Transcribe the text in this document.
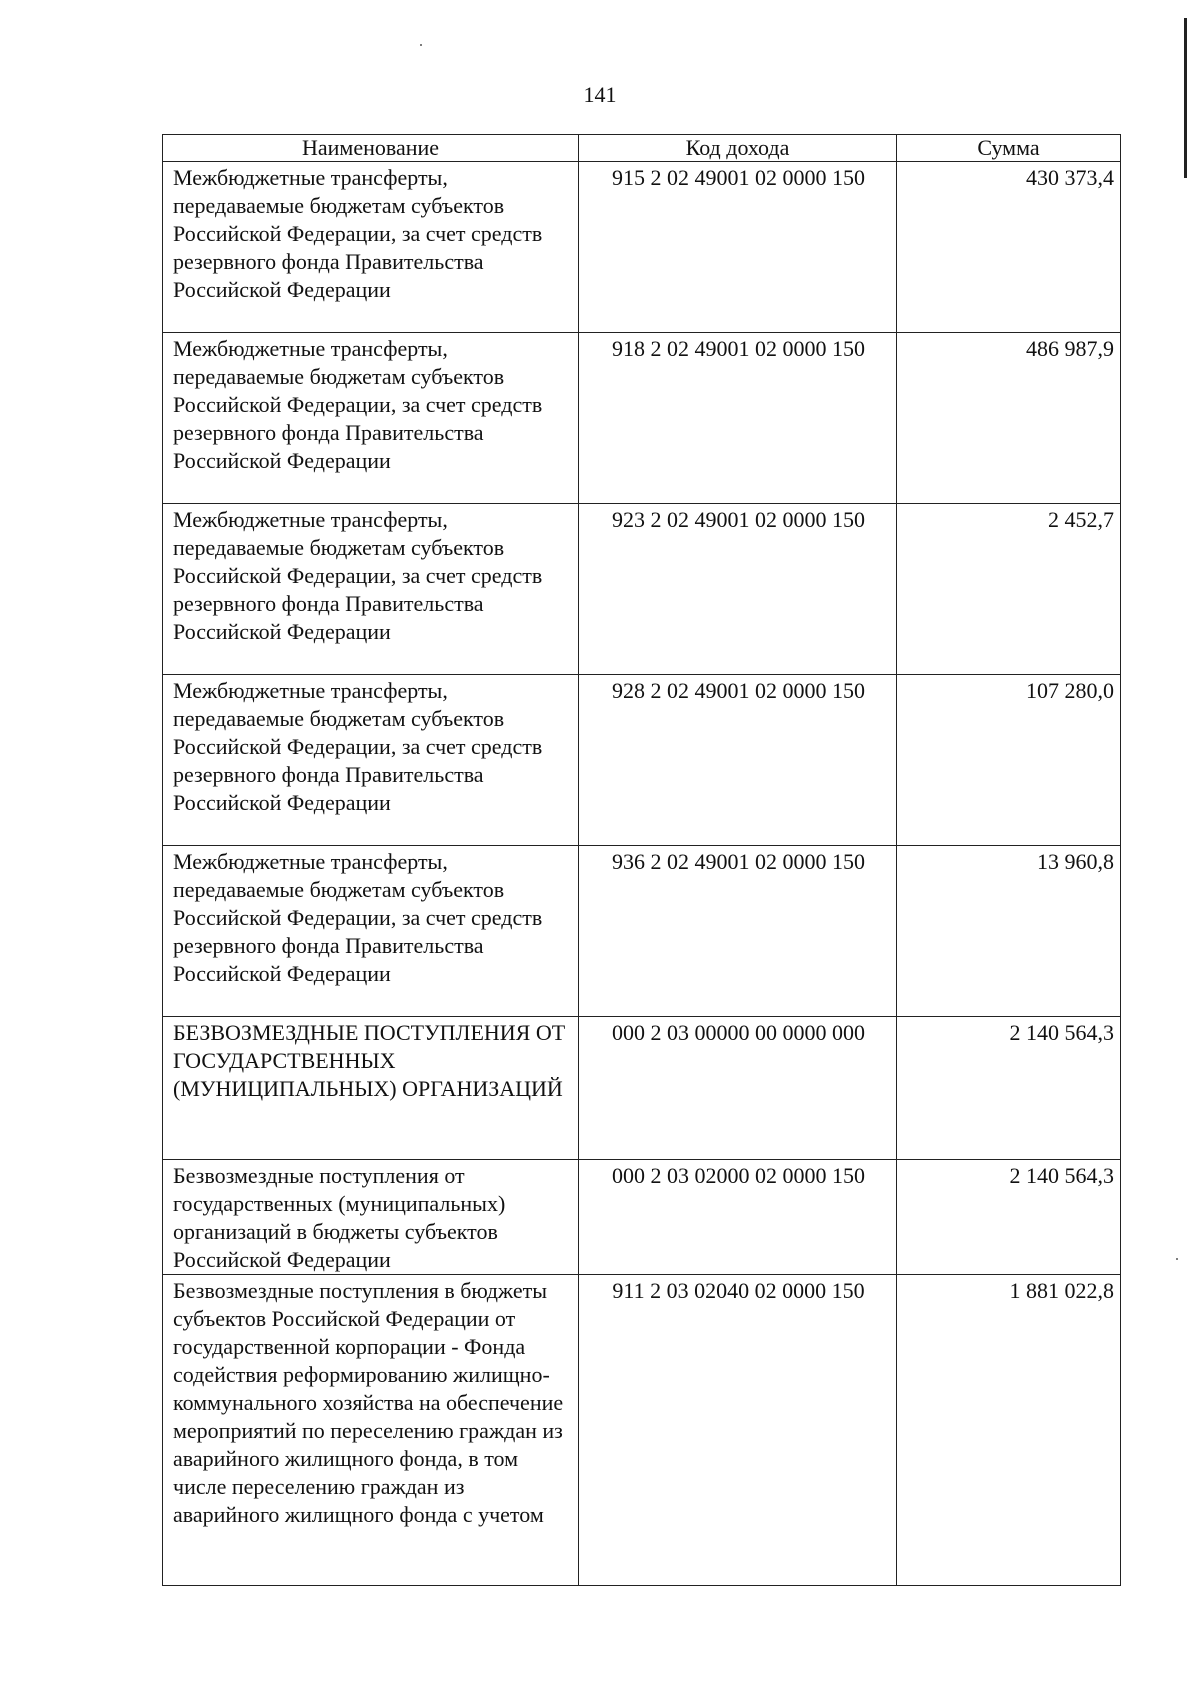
141
Наименование	Код дохода	Сумма
Межбюджетные трансферты, передаваемые бюджетам субъектов Российской Федерации, за счет средств резервного фонда Правительства Российской Федерации	915 2 02 49001 02 0000 150	430 373,4
Межбюджетные трансферты, передаваемые бюджетам субъектов Российской Федерации, за счет средств резервного фонда Правительства Российской Федерации	918 2 02 49001 02 0000 150	486 987,9
Межбюджетные трансферты, передаваемые бюджетам субъектов Российской Федерации, за счет средств резервного фонда Правительства Российской Федерации	923 2 02 49001 02 0000 150	2 452,7
Межбюджетные трансферты, передаваемые бюджетам субъектов Российской Федерации, за счет средств резервного фонда Правительства Российской Федерации	928 2 02 49001 02 0000 150	107 280,0
Межбюджетные трансферты, передаваемые бюджетам субъектов Российской Федерации, за счет средств резервного фонда Правительства Российской Федерации	936 2 02 49001 02 0000 150	13 960,8
БЕЗВОЗМЕЗДНЫЕ ПОСТУПЛЕНИЯ ОТ ГОСУДАРСТВЕННЫХ (МУНИЦИПАЛЬНЫХ) ОРГАНИЗАЦИЙ	000 2 03 00000 00 0000 000	2 140 564,3
Безвозмездные поступления от государственных (муниципальных) организаций в бюджеты субъектов Российской Федерации	000 2 03 02000 02 0000 150	2 140 564,3
Безвозмездные поступления в бюджеты субъектов Российской Федерации от государственной корпорации - Фонда содействия реформированию жилищно-коммунального хозяйства на обеспечение мероприятий по переселению граждан из аварийного жилищного фонда, в том числе переселению граждан из аварийного жилищного фонда с учетом	911 2 03 02040 02 0000 150	1 881 022,8
